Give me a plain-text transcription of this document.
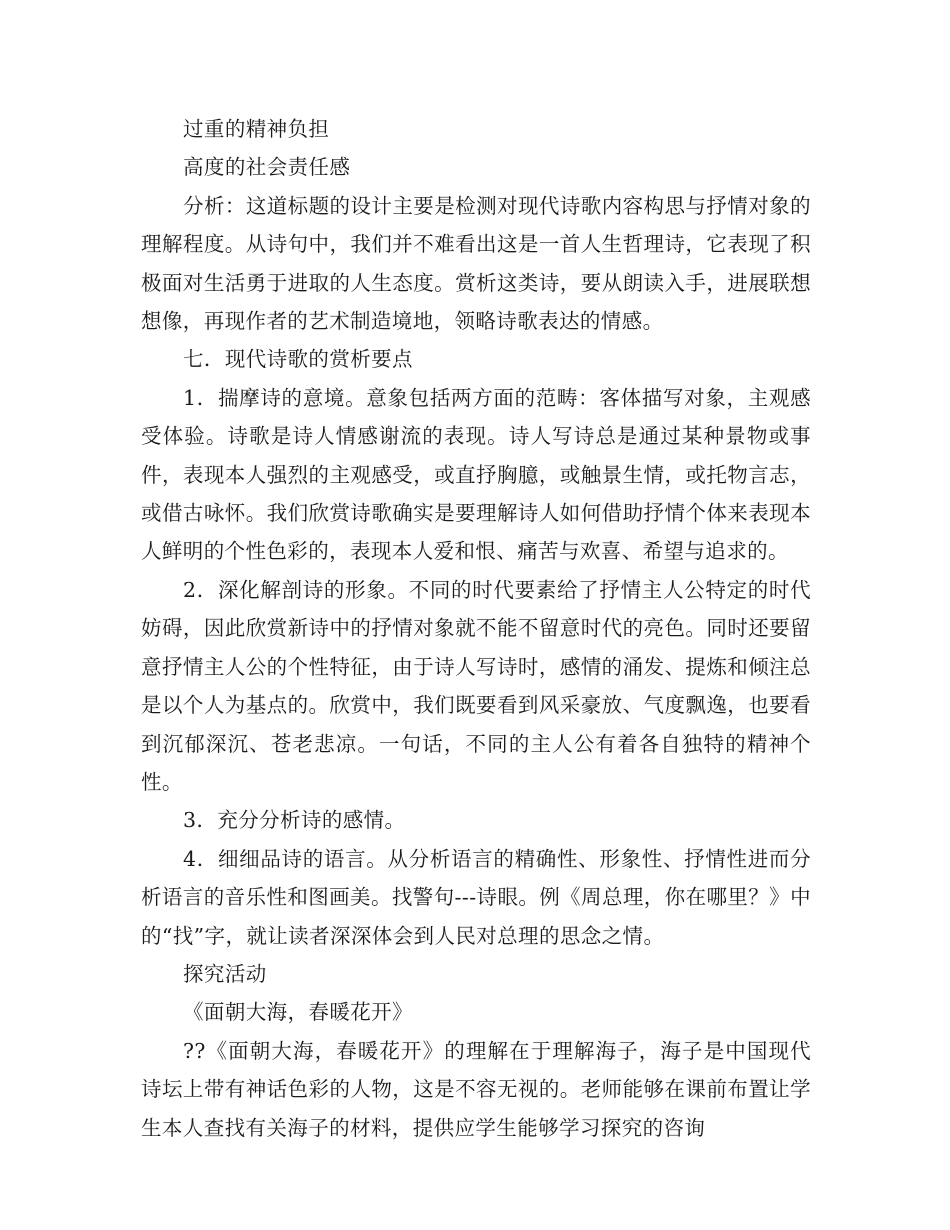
过重的精神负担

高度的社会责任感

分析：这道标题的设计主要是检测对现代诗歌内容构思与抒情对象的理解程度。从诗句中，我们并不难看出这是一首人生哲理诗，它表现了积极面对生活勇于进取的人生态度。赏析这类诗，要从朗读入手，进展联想想像，再现作者的艺术制造境地，领略诗歌表达的情感。

七．现代诗歌的赏析要点

1．揣摩诗的意境。意象包括两方面的范畴：客体描写对象，主观感受体验。诗歌是诗人情感谢流的表现。诗人写诗总是通过某种景物或事件，表现本人强烈的主观感受，或直抒胸臆，或触景生情，或托物言志，或借古咏怀。我们欣赏诗歌确实是要理解诗人如何借助抒情个体来表现本人鲜明的个性色彩的，表现本人爱和恨、痛苦与欢喜、希望与追求的。

2．深化解剖诗的形象。不同的时代要素给了抒情主人公特定的时代妨碍，因此欣赏新诗中的抒情对象就不能不留意时代的亮色。同时还要留意抒情主人公的个性特征，由于诗人写诗时，感情的涌发、提炼和倾注总是以个人为基点的。欣赏中，我们既要看到风采豪放、气度飘逸，也要看到沉郁深沉、苍老悲凉。一句话，不同的主人公有着各自独特的精神个性。

3．充分分析诗的感情。

4．细细品诗的语言。从分析语言的精确性、形象性、抒情性进而分析语言的音乐性和图画美。找警句---诗眼。例《周总理，你在哪里？》中的“找”字，就让读者深深体会到人民对总理的思念之情。

探究活动

《面朝大海，春暖花开》

??《面朝大海，春暖花开》的理解在于理解海子，海子是中国现代诗坛上带有神话色彩的人物，这是不容无视的。老师能够在课前布置让学生本人查找有关海子的材料，提供应学生能够学习探究的咨询
